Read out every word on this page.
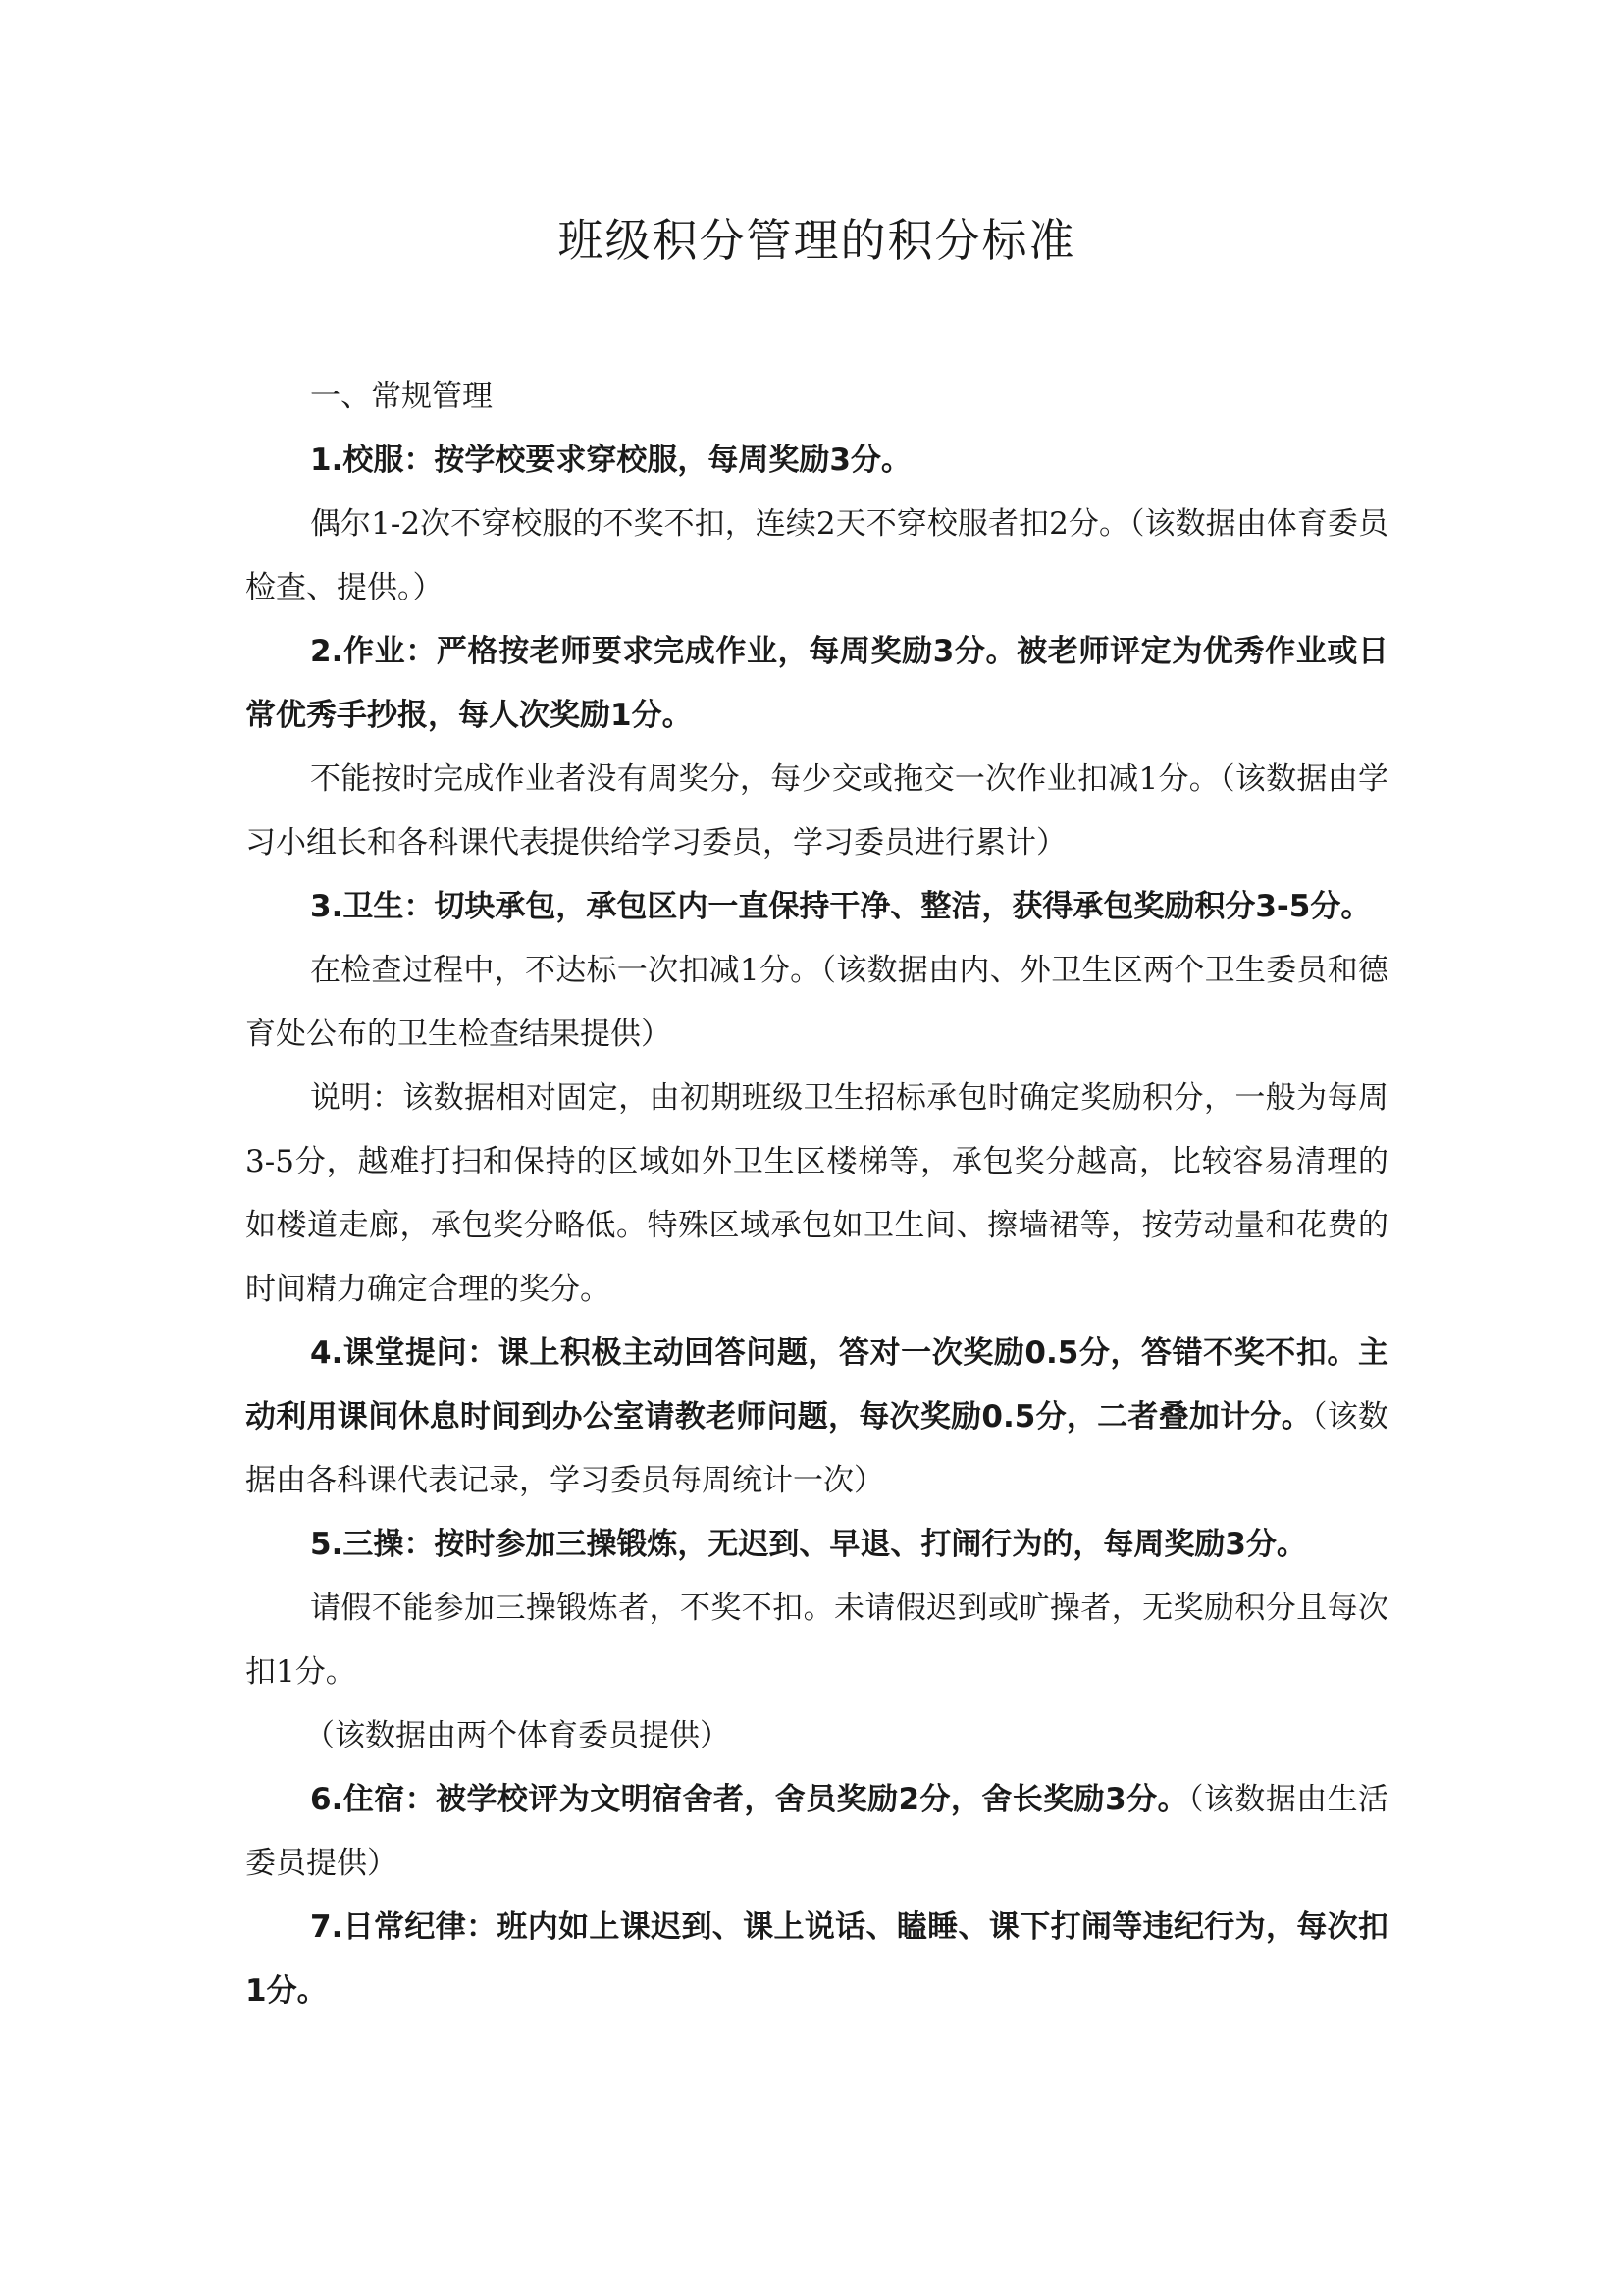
班级积分管理的积分标准

一、常规管理

1.校服：按学校要求穿校服，每周奖励3分。

偶尔1-2次不穿校服的不奖不扣，连续2天不穿校服者扣2分。（该数据由体育委员检查、提供。）

2.作业：严格按老师要求完成作业，每周奖励3分。被老师评定为优秀作业或日常优秀手抄报，每人次奖励1分。

不能按时完成作业者没有周奖分，每少交或拖交一次作业扣减1分。（该数据由学习小组长和各科课代表提供给学习委员，学习委员进行累计）

3.卫生：切块承包，承包区内一直保持干净、整洁，获得承包奖励积分3-5分。

在检查过程中，不达标一次扣减1分。（该数据由内、外卫生区两个卫生委员和德育处公布的卫生检查结果提供）

说明：该数据相对固定，由初期班级卫生招标承包时确定奖励积分，一般为每周3-5分，越难打扫和保持的区域如外卫生区楼梯等，承包奖分越高，比较容易清理的如楼道走廊，承包奖分略低。特殊区域承包如卫生间、擦墙裙等，按劳动量和花费的时间精力确定合理的奖分。

4.课堂提问：课上积极主动回答问题，答对一次奖励0.5分，答错不奖不扣。主动利用课间休息时间到办公室请教老师问题，每次奖励0.5分，二者叠加计分。（该数据由各科课代表记录，学习委员每周统计一次）

5.三操：按时参加三操锻炼，无迟到、早退、打闹行为的，每周奖励3分。

请假不能参加三操锻炼者，不奖不扣。未请假迟到或旷操者，无奖励积分且每次扣1分。

（该数据由两个体育委员提供）

6.住宿：被学校评为文明宿舍者，舍员奖励2分，舍长奖励3分。（该数据由生活委员提供）

7.日常纪律：班内如上课迟到、课上说话、瞌睡、课下打闹等违纪行为，每次扣1分。
